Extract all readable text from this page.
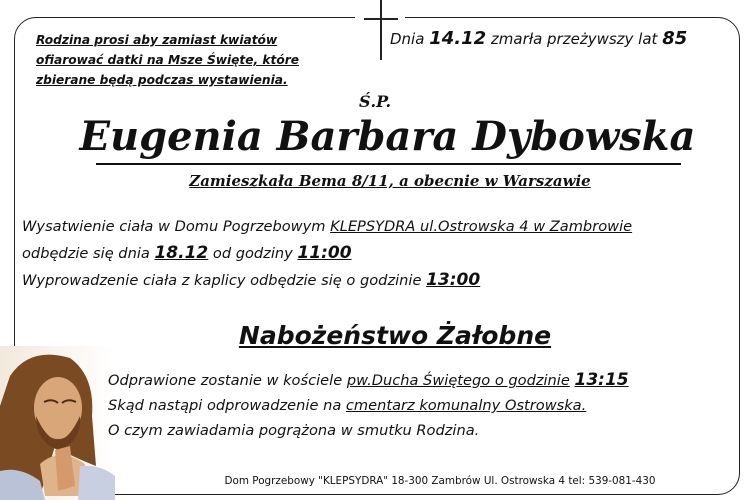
Rodzina prosi aby zamiast kwiatów
ofiarować datki na Msze Święte, które
zbierane będą podczas wystawienia.
Dnia 14.12 zmarła przeżywszy lat 85
Ś.P.
Eugenia Barbara Dybowska
Zamieszkała Bema 8/11, a obecnie w Warszawie
Wysatwienie ciała w Domu Pogrzebowym KLEPSYDRA ul.Ostrowska 4 w Zambrowie
odbędzie się dnia 18.12 od godziny 11:00
Wyprowadzenie ciała z kaplicy odbędzie się o godzinie 13:00
Nabożeństwo Żałobne
Odprawione zostanie w kościele pw.Ducha Świętego o godzinie 13:15
Skąd nastąpi odprowadzenie na cmentarz komunalny Ostrowska.
O czym zawiadamia pogrążona w smutku Rodzina.
Dom Pogrzebowy "KLEPSYDRA" 18-300 Zambrów Ul. Ostrowska 4 tel: 539-081-430
